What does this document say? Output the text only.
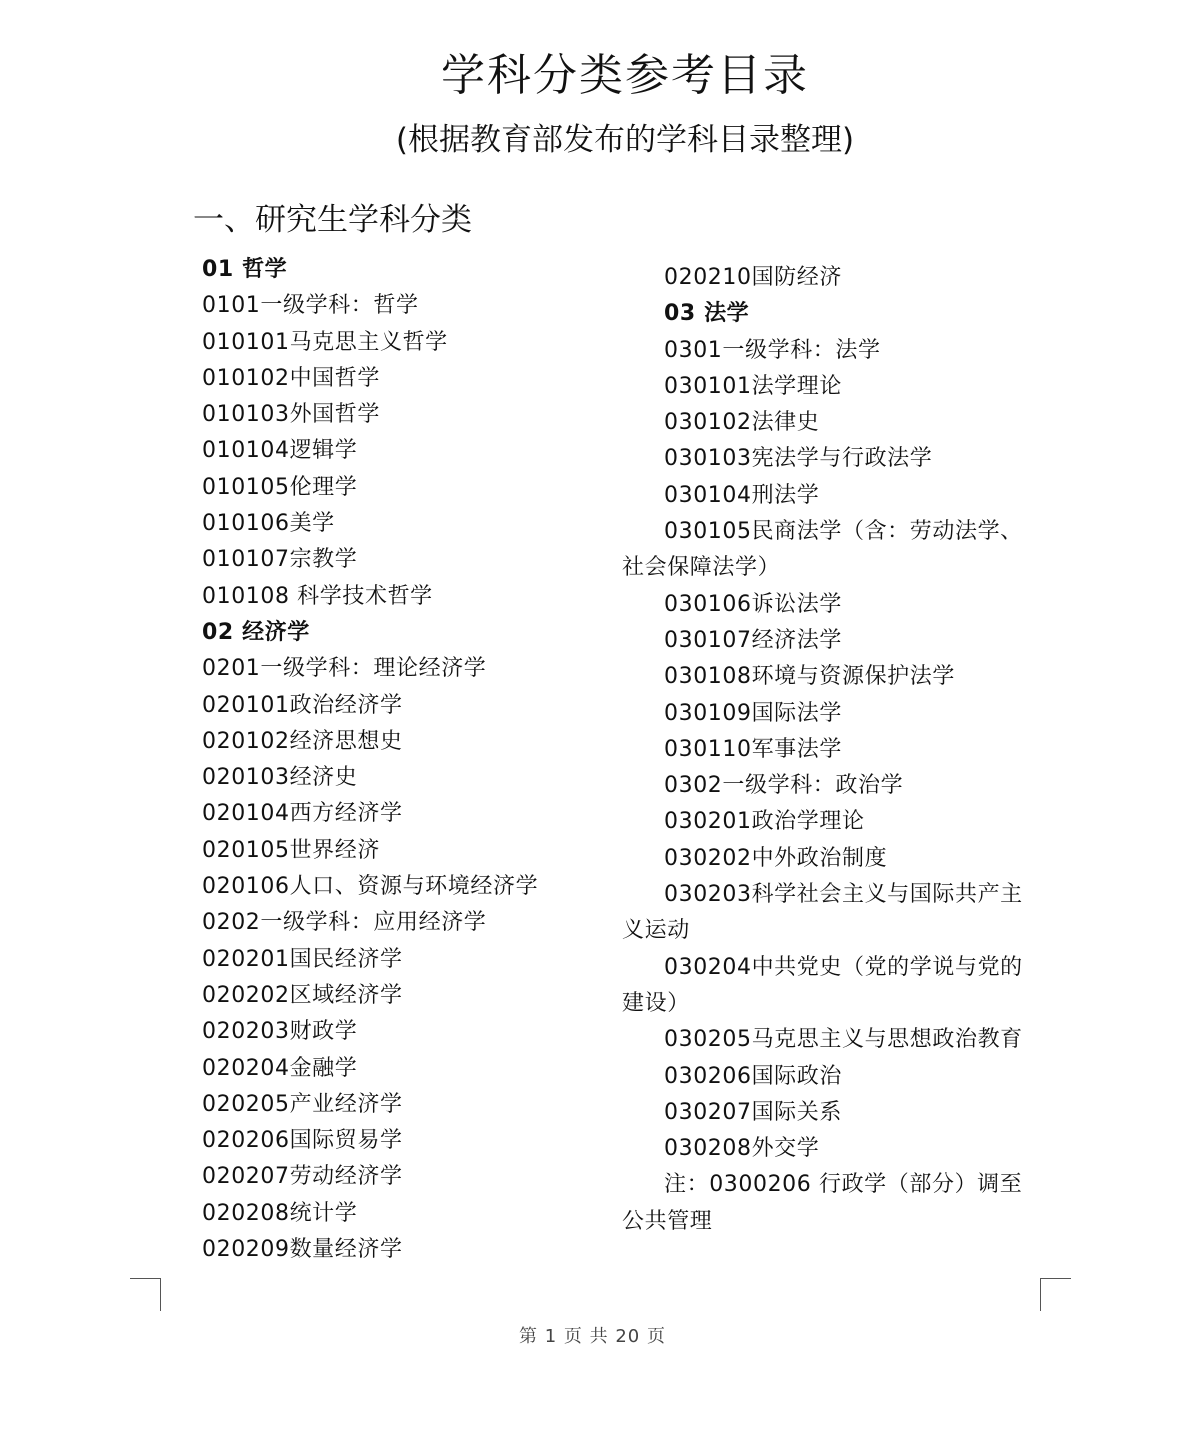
学科分类参考目录
(根据教育部发布的学科目录整理)
一、研究生学科分类
01 哲学
0101一级学科：哲学
010101马克思主义哲学
010102中国哲学
010103外国哲学
010104逻辑学
010105伦理学
010106美学
010107宗教学
010108 科学技术哲学
02 经济学
0201一级学科：理论经济学
020101政治经济学
020102经济思想史
020103经济史
020104西方经济学
020105世界经济
020106人口、资源与环境经济学
0202一级学科：应用经济学
020201国民经济学
020202区域经济学
020203财政学
020204金融学
020205产业经济学
020206国际贸易学
020207劳动经济学
020208统计学
020209数量经济学
020210国防经济
03 法学
0301一级学科：法学
030101法学理论
030102法律史
030103宪法学与行政法学
030104刑法学
030105民商法学（含：劳动法学、
社会保障法学）
030106诉讼法学
030107经济法学
030108环境与资源保护法学
030109国际法学
030110军事法学
0302一级学科：政治学
030201政治学理论
030202中外政治制度
030203科学社会主义与国际共产主
义运动
030204中共党史（党的学说与党的
建设）
030205马克思主义与思想政治教育
030206国际政治
030207国际关系
030208外交学
注：0300206 行政学（部分）调至
公共管理
第 1 页 共 20 页
